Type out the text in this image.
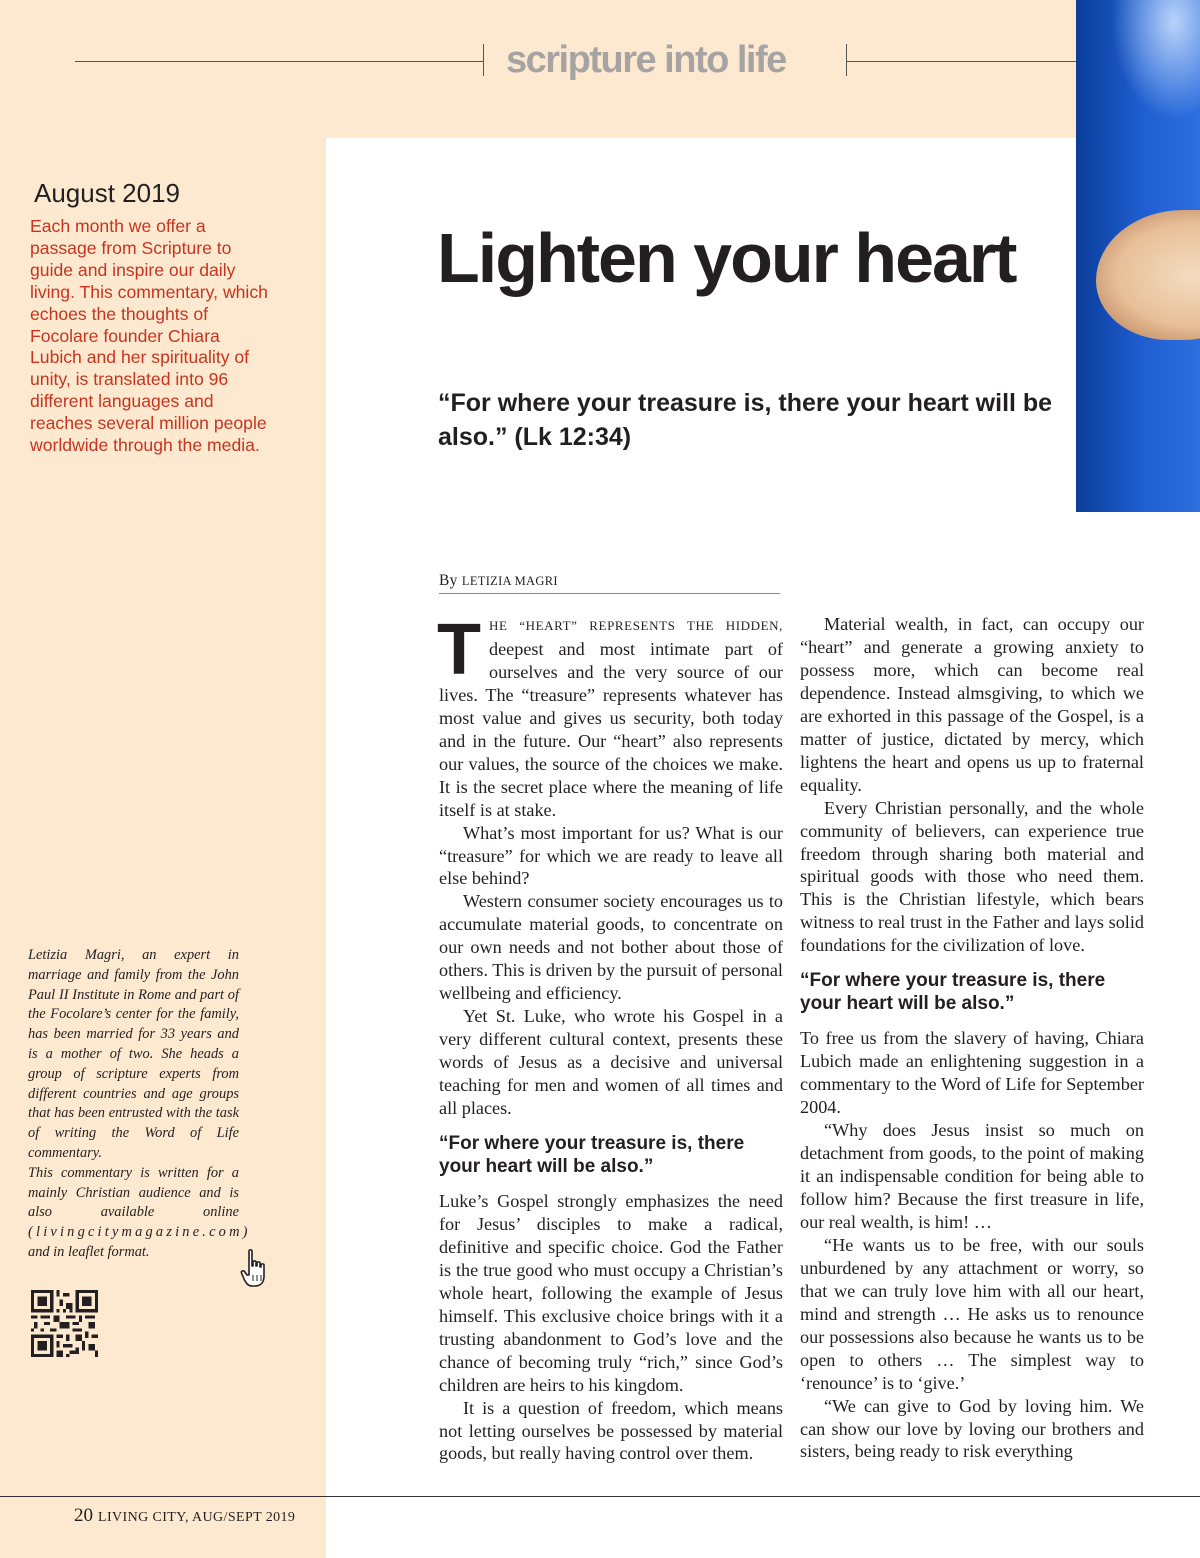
scripture into life
August 2019
Each month we offer a passage from Scripture to guide and inspire our daily living. This commentary, which echoes the thoughts of Focolare founder Chiara Lubich and her spirituality of unity, is translated into 96 different languages and reaches several million people worldwide through the media.

Letizia Magri, an expert in marriage and family from the John Paul II Institute in Rome and part of the Focolare’s center for the family, has been married for 33 years and is a mother of two. She heads a group of scripture experts from different countries and age groups that has been entrusted with the task of writing the Word of Life commentary.

This commentary is written for a mainly Christian audience and is also available online (livingcitymagazine.com) and in leaflet format.

Lighten your heart
“For where your treasure is, there your heart will be also.” (Lk 12:34)
By LETIZIA MAGRI

THE “HEART” REPRESENTS THE HIDDEN, deepest and most intimate part of ourselves and the very source of our lives. The “treasure” represents whatever has most value and gives us security, both today and in the future. Our “heart” also represents our values, the source of the choices we make. It is the secret place where the meaning of life itself is at stake.

What’s most important for us? What is our “treasure” for which we are ready to leave all else behind?

Western consumer society encourages us to accumulate material goods, to concentrate on our own needs and not bother about those of others. This is driven by the pursuit of personal wellbeing and efficiency.

Yet St. Luke, who wrote his Gospel in a very different cultural context, presents these words of Jesus as a decisive and universal teaching for men and women of all times and all places.

“For where your treasure is, there your heart will be also.”

Luke’s Gospel strongly emphasizes the need for Jesus’ disciples to make a radical, definitive and specific choice. God the Father is the true good who must occupy a Christian’s whole heart, following the example of Jesus himself. This exclusive choice brings with it a trusting abandonment to God’s love and the chance of becoming truly “rich,” since God’s children are heirs to his kingdom.

It is a question of freedom, which means not letting ourselves be possessed by material goods, but really having control over them.

Material wealth, in fact, can occupy our “heart” and generate a growing anxiety to possess more, which can become real dependence. Instead almsgiving, to which we are exhorted in this passage of the Gospel, is a matter of justice, dictated by mercy, which lightens the heart and opens us up to fraternal equality.

Every Christian personally, and the whole community of believers, can experience true freedom through sharing both material and spiritual goods with those who need them. This is the Christian lifestyle, which bears witness to real trust in the Father and lays solid foundations for the civilization of love.

“For where your treasure is, there your heart will be also.”

To free us from the slavery of having, Chiara Lubich made an enlightening suggestion in a commentary to the Word of Life for September 2004.

“Why does Jesus insist so much on detachment from goods, to the point of making it an indispensable condition for being able to follow him? Because the first treasure in life, our real wealth, is him! …

“He wants us to be free, with our souls unburdened by any attachment or worry, so that we can truly love him with all our heart, mind and strength … He asks us to renounce our possessions also because he wants us to be open to others … The simplest way to ‘renounce’ is to ‘give.’

“We can give to God by loving him. We can show our love by loving our brothers and sisters, being ready to risk everything

20 LIVING CITY, AUG/SEPT 2019
